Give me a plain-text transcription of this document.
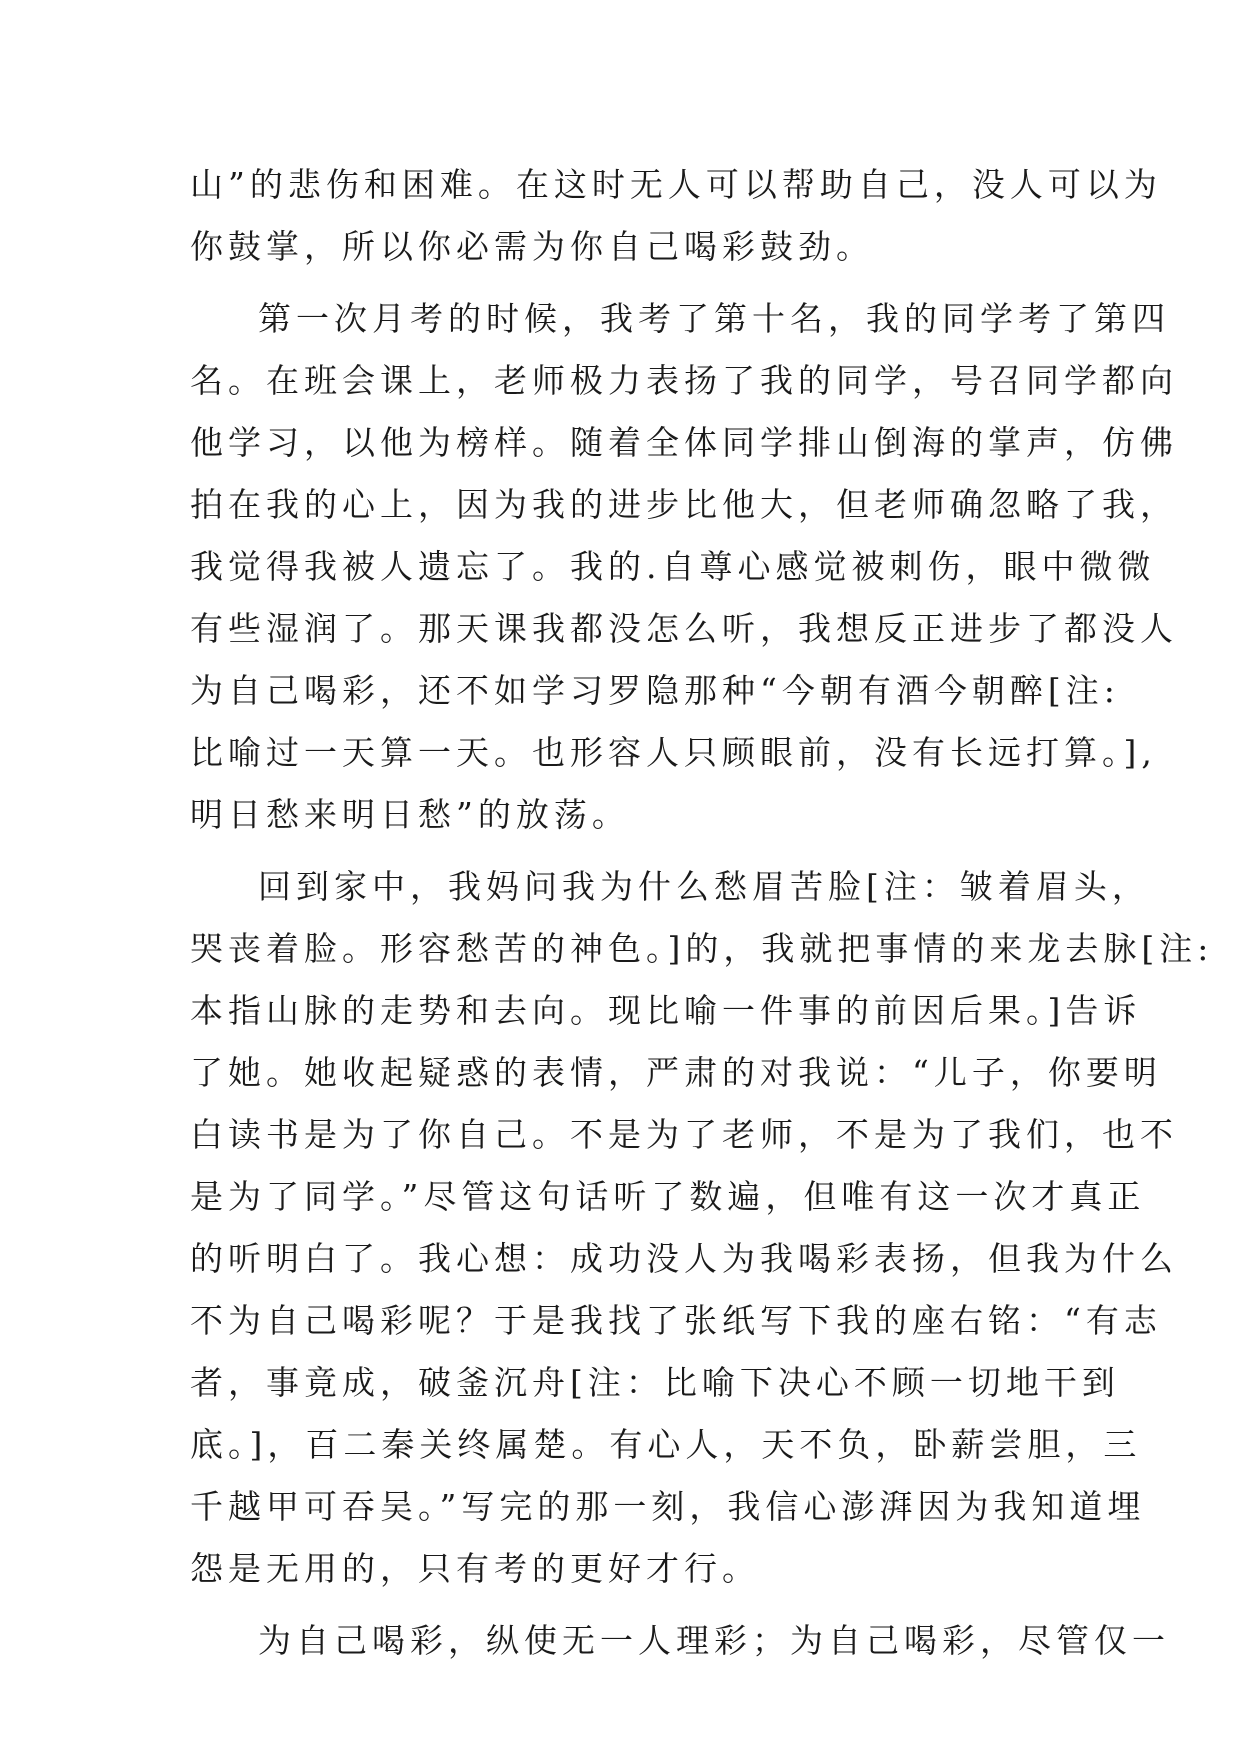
山”的悲伤和困难。在这时无人可以帮助自己，没人可以为
你鼓掌，所以你必需为你自己喝彩鼓劲。
第一次月考的时候，我考了第十名，我的同学考了第四
名。在班会课上，老师极力表扬了我的同学，号召同学都向
他学习，以他为榜样。随着全体同学排山倒海的掌声，仿佛
拍在我的心上，因为我的进步比他大，但老师确忽略了我，
我觉得我被人遗忘了。我的.自尊心感觉被刺伤，眼中微微
有些湿润了。那天课我都没怎么听，我想反正进步了都没人
为自己喝彩，还不如学习罗隐那种“今朝有酒今朝醉[注:
比喻过一天算一天。也形容人只顾眼前，没有长远打算。],
明日愁来明日愁”的放荡。
回到家中，我妈问我为什么愁眉苦脸[注：皱着眉头，
哭丧着脸。形容愁苦的神色。]的，我就把事情的来龙去脉[注:
本指山脉的走势和去向。现比喻一件事的前因后果。]告诉
了她。她收起疑惑的表情，严肃的对我说：“儿子，你要明
白读书是为了你自己。不是为了老师，不是为了我们，也不
是为了同学。”尽管这句话听了数遍，但唯有这一次才真正
的听明白了。我心想：成功没人为我喝彩表扬，但我为什么
不为自己喝彩呢？于是我找了张纸写下我的座右铭：“有志
者，事竟成，破釜沉舟[注：比喻下决心不顾一切地干到
底。]，百二秦关终属楚。有心人，天不负，卧薪尝胆，三
千越甲可吞吴。”写完的那一刻，我信心澎湃因为我知道埋
怨是无用的，只有考的更好才行。
为自己喝彩，纵使无一人理彩；为自己喝彩，尽管仅一
